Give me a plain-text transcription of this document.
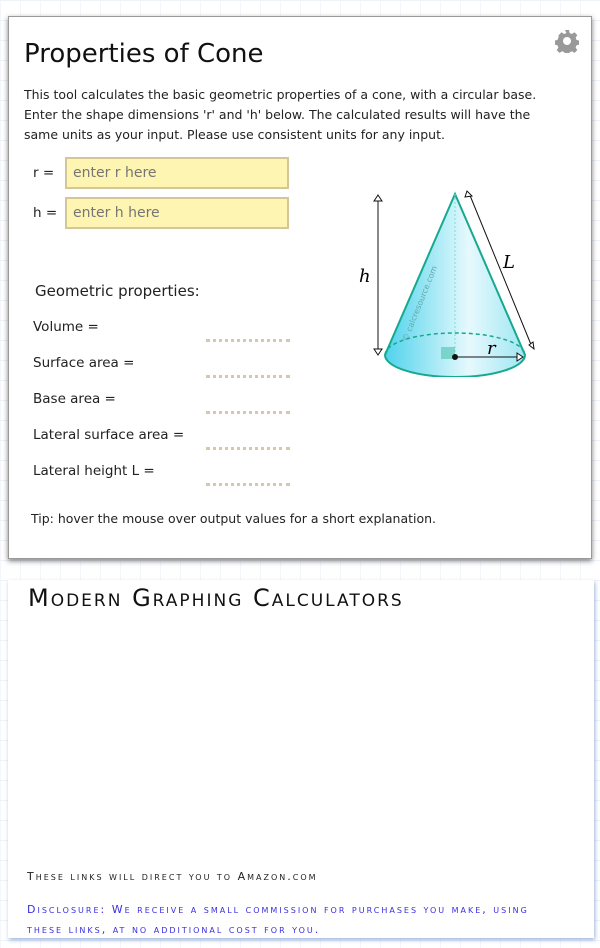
Properties of Cone
This tool calculates the basic geometric properties of a cone, with a circular base. Enter the shape dimensions 'r' and 'h' below. The calculated results will have the same units as your input. Please use consistent units for any input.
r =
enter r here
h =
enter h here
Geometric properties:
Volume =
Surface area =
Base area =
Lateral surface area =
Lateral height L =
h
L
r
© calcresource.com
Tip: hover the mouse over output values for a short explanation.
Modern Graphing Calculators
These links will direct you to Amazon.com
Disclosure: We receive a small commission for purchases you make, using these links, at no additional cost for you.
